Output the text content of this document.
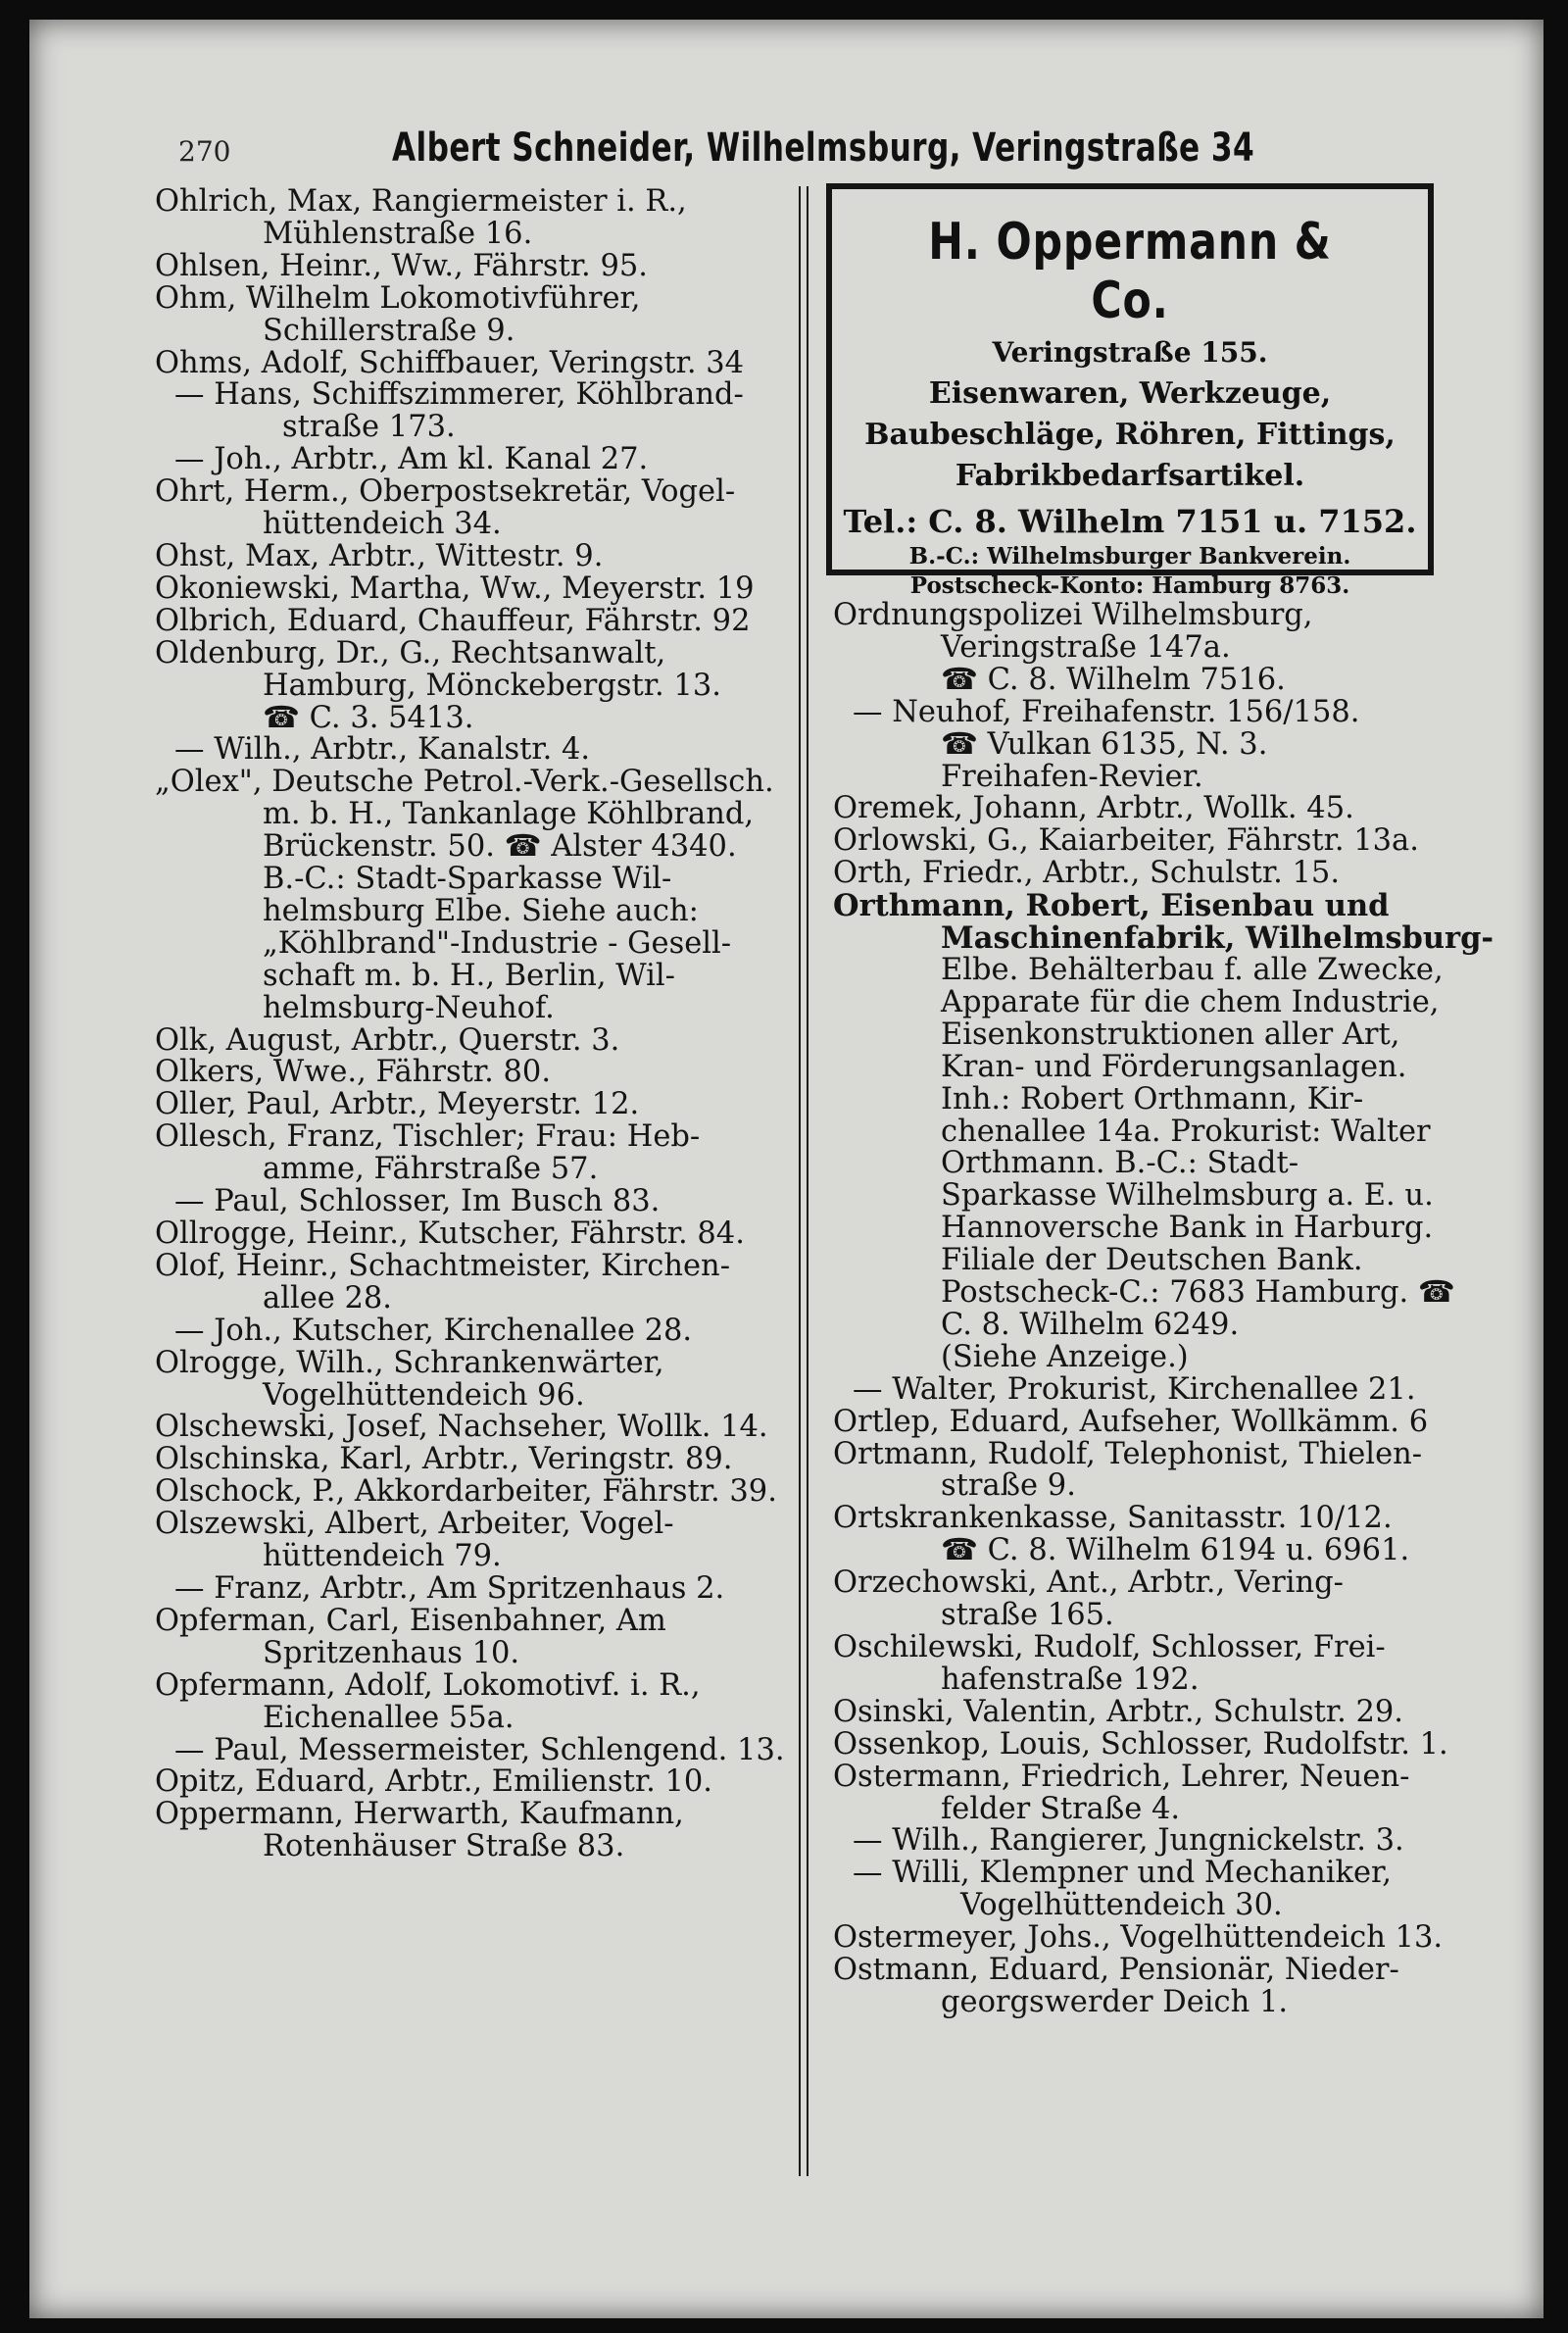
270	Albert Schneider, Wilhelmsburg, Veringstraße 34
Ohlrich, Max, Rangiermeister i. R.,
Mühlenstraße 16.
Ohlsen, Heinr., Ww., Fährstr. 95.
Ohm, Wilhelm Lokomotivführer,
Schillerstraße 9.
Ohms, Adolf, Schiffbauer, Veringstr. 34
— Hans, Schiffszimmerer, Köhlbrand-
straße 173.
— Joh., Arbtr., Am kl. Kanal 27.
Ohrt, Herm., Oberpostsekretär, Vogel-
hüttendeich 34.
Ohst, Max, Arbtr., Wittestr. 9.
Okoniewski, Martha, Ww., Meyerstr. 19
Olbrich, Eduard, Chauffeur, Fährstr. 92
Oldenburg, Dr., G., Rechtsanwalt,
Hamburg, Mönckebergstr. 13.
☎ C. 3. 5413.
— Wilh., Arbtr., Kanalstr. 4.
„Olex", Deutsche Petrol.-Verk.-Gesellsch.
m. b. H., Tankanlage Köhlbrand,
Brückenstr. 50. ☎ Alster 4340.
B.-C.: Stadt-Sparkasse Wil-
helmsburg Elbe. Siehe auch:
„Köhlbrand"-Industrie - Gesell-
schaft m. b. H., Berlin, Wil-
helmsburg-Neuhof.
Olk, August, Arbtr., Querstr. 3.
Olkers, Wwe., Fährstr. 80.
Oller, Paul, Arbtr., Meyerstr. 12.
Ollesch, Franz, Tischler; Frau: Heb-
amme, Fährstraße 57.
— Paul, Schlosser, Im Busch 83.
Ollrogge, Heinr., Kutscher, Fährstr. 84.
Olof, Heinr., Schachtmeister, Kirchen-
allee 28.
— Joh., Kutscher, Kirchenallee 28.
Olrogge, Wilh., Schrankenwärter,
Vogelhüttendeich 96.
Olschewski, Josef, Nachseher, Wollk. 14.
Olschinska, Karl, Arbtr., Veringstr. 89.
Olschock, P., Akkordarbeiter, Fährstr. 39.
Olszewski, Albert, Arbeiter, Vogel-
hüttendeich 79.
— Franz, Arbtr., Am Spritzenhaus 2.
Opferman, Carl, Eisenbahner, Am
Spritzenhaus 10.
Opfermann, Adolf, Lokomotivf. i. R.,
Eichenallee 55a.
— Paul, Messermeister, Schlengend. 13.
Opitz, Eduard, Arbtr., Emilienstr. 10.
Oppermann, Herwarth, Kaufmann,
Rotenhäuser Straße 83.
H. Oppermann & Co.
Veringstraße 155.
Eisenwaren, Werkzeuge,
Baubeschläge, Röhren, Fittings,
Fabrikbedarfsartikel.
Tel.: C. 8. Wilhelm 7151 u. 7152.
B.-C.: Wilhelmsburger Bankverein.
Postscheck-Konto: Hamburg 8763.
Ordnungspolizei Wilhelmsburg,
Veringstraße 147a.
☎ C. 8. Wilhelm 7516.
— Neuhof, Freihafenstr. 156/158.
☎ Vulkan 6135, N. 3.
Freihafen-Revier.
Oremek, Johann, Arbtr., Wollk. 45.
Orlowski, G., Kaiarbeiter, Fährstr. 13a.
Orth, Friedr., Arbtr., Schulstr. 15.
Orthmann, Robert, Eisenbau und
Maschinenfabrik, Wilhelmsburg-
Elbe. Behälterbau f. alle Zwecke,
Apparate für die chem Industrie,
Eisenkonstruktionen aller Art,
Kran- und Förderungsanlagen.
Inh.: Robert Orthmann, Kir-
chenallee 14a. Prokurist: Walter
Orthmann. B.-C.: Stadt-
Sparkasse Wilhelmsburg a. E. u.
Hannoversche Bank in Harburg.
Filiale der Deutschen Bank.
Postscheck-C.: 7683 Hamburg. ☎
C. 8. Wilhelm 6249.
(Siehe Anzeige.)
— Walter, Prokurist, Kirchenallee 21.
Ortlep, Eduard, Aufseher, Wollkämm. 6
Ortmann, Rudolf, Telephonist, Thielen-
straße 9.
Ortskrankenkasse, Sanitasstr. 10/12.
☎ C. 8. Wilhelm 6194 u. 6961.
Orzechowski, Ant., Arbtr., Vering-
straße 165.
Oschilewski, Rudolf, Schlosser, Frei-
hafenstraße 192.
Osinski, Valentin, Arbtr., Schulstr. 29.
Ossenkop, Louis, Schlosser, Rudolfstr. 1.
Ostermann, Friedrich, Lehrer, Neuen-
felder Straße 4.
— Wilh., Rangierer, Jungnickelstr. 3.
— Willi, Klempner und Mechaniker,
Vogelhüttendeich 30.
Ostermeyer, Johs., Vogelhüttendeich 13.
Ostmann, Eduard, Pensionär, Nieder-
georgswerder Deich 1.
